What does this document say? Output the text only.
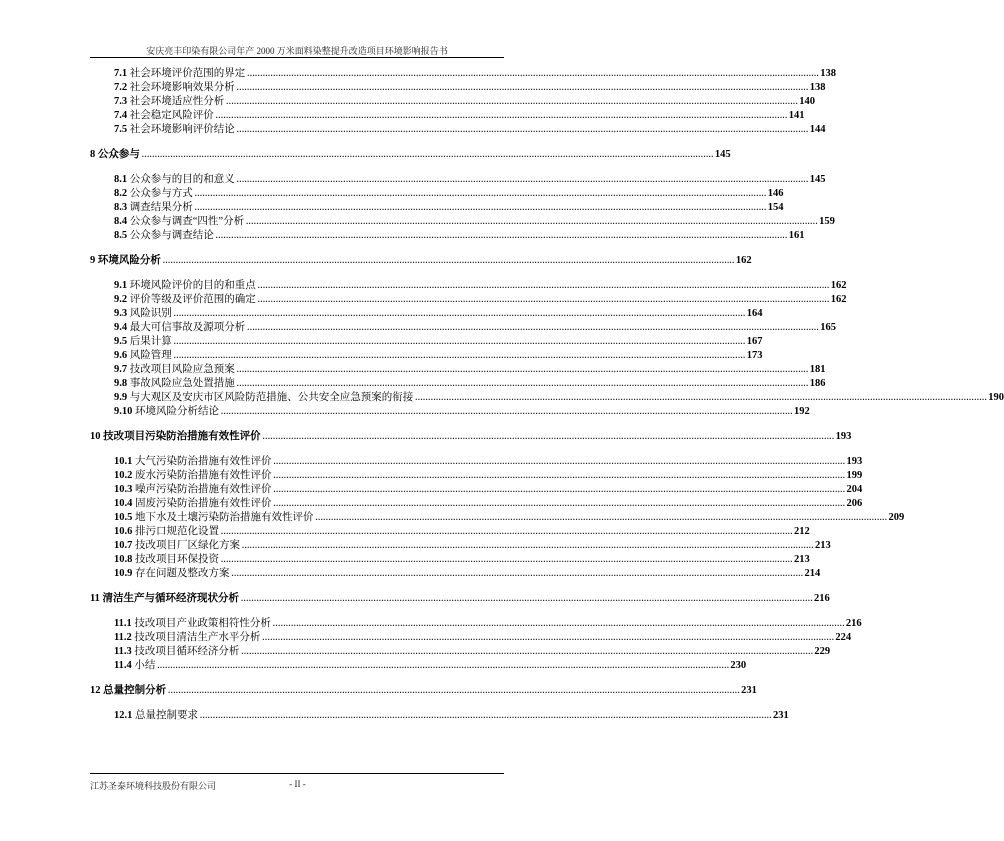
安庆亮丰印染有限公司年产 2000 万米面料染整提升改造项目环境影响报告书
7.1 社会环境评价范围的界定 ............................................................................................................................................................................................................................ 138
7.2 社会环境影响效果分析 ............................................................................................................................................................................................................................ 138
7.3 社会环境适应性分析 ............................................................................................................................................................................................................................ 140
7.4 社会稳定风险评价 ............................................................................................................................................................................................................................ 141
7.5 社会环境影响评价结论 ............................................................................................................................................................................................................................ 144
8 公众参与 ............................................................................................................................................................................................................................ 145
8.1 公众参与的目的和意义 ............................................................................................................................................................................................................................ 145
8.2 公众参与方式 ............................................................................................................................................................................................................................ 146
8.3 调查结果分析 ............................................................................................................................................................................................................................ 154
8.4 公众参与调查“四性”分析 ............................................................................................................................................................................................................................ 159
8.5 公众参与调查结论 ............................................................................................................................................................................................................................ 161
9 环境风险分析 ............................................................................................................................................................................................................................ 162
9.1 环境风险评价的目的和重点 ............................................................................................................................................................................................................................ 162
9.2 评价等级及评价范围的确定 ............................................................................................................................................................................................................................ 162
9.3 风险识别 ............................................................................................................................................................................................................................ 164
9.4 最大可信事故及源项分析 ............................................................................................................................................................................................................................ 165
9.5 后果计算 ............................................................................................................................................................................................................................ 167
9.6 风险管理 ............................................................................................................................................................................................................................ 173
9.7 技改项目风险应急预案 ............................................................................................................................................................................................................................ 181
9.8 事故风险应急处置措施 ............................................................................................................................................................................................................................ 186
9.9 与大观区及安庆市区风险防范措施、公共安全应急预案的衔接 ............................................................................................................................................................................................................................ 190
9.10 环境风险分析结论 ............................................................................................................................................................................................................................ 192
10 技改项目污染防治措施有效性评价 ............................................................................................................................................................................................................................ 193
10.1 大气污染防治措施有效性评价 ............................................................................................................................................................................................................................ 193
10.2 废水污染防治措施有效性评价 ............................................................................................................................................................................................................................ 199
10.3 噪声污染防治措施有效性评价 ............................................................................................................................................................................................................................ 204
10.4 固废污染防治措施有效性评价 ............................................................................................................................................................................................................................ 206
10.5 地下水及土壤污染防治措施有效性评价 ............................................................................................................................................................................................................................ 209
10.6 排污口规范化设置 ............................................................................................................................................................................................................................ 212
10.7 技改项目厂区绿化方案 ............................................................................................................................................................................................................................ 213
10.8 技改项目环保投资 ............................................................................................................................................................................................................................ 213
10.9 存在问题及整改方案 ............................................................................................................................................................................................................................ 214
11 清洁生产与循环经济现状分析 ............................................................................................................................................................................................................................ 216
11.1 技改项目产业政策相符性分析 ............................................................................................................................................................................................................................ 216
11.2 技改项目清洁生产水平分析 ............................................................................................................................................................................................................................ 224
11.3 技改项目循环经济分析 ............................................................................................................................................................................................................................ 229
11.4 小结 ............................................................................................................................................................................................................................ 230
12 总量控制分析 ............................................................................................................................................................................................................................ 231
12.1 总量控制要求 ............................................................................................................................................................................................................................ 231
江苏圣泰环境科技股份有限公司	- II -
